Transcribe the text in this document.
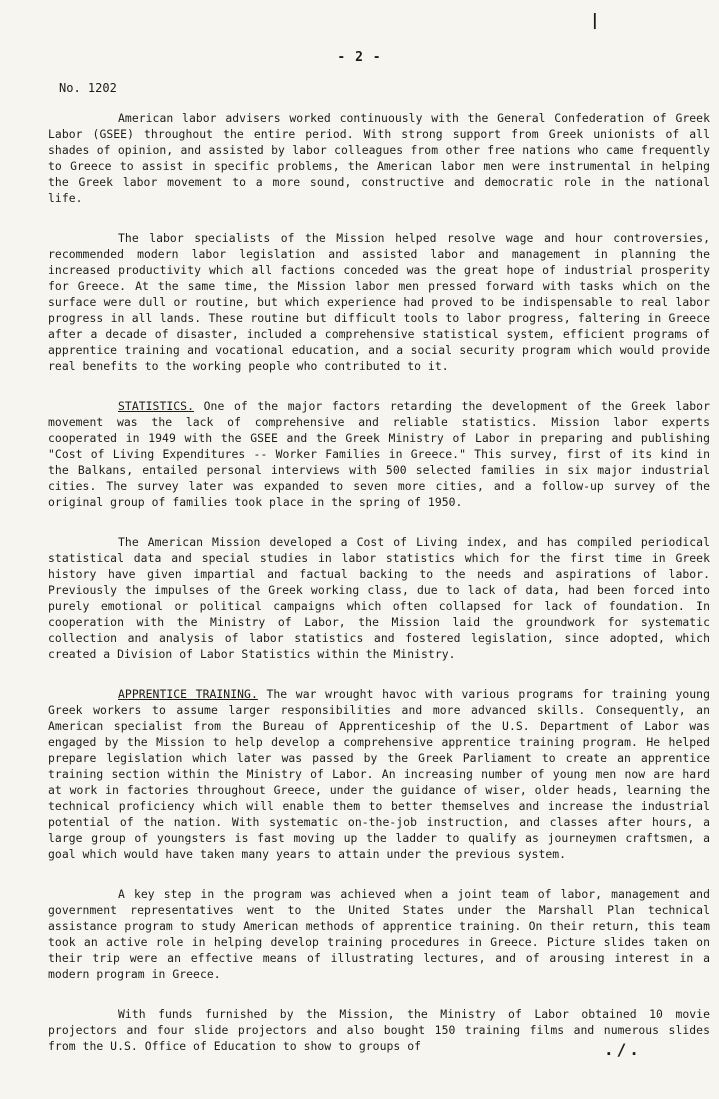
|
- 2 -
No. 1202

American labor advisers worked continuously with the General Confederation of Greek Labor (GSEE) throughout the entire period. With strong support from Greek unionists of all shades of opinion, and assisted by labor colleagues from other free nations who came frequently to Greece to assist in specific problems, the American labor men were instrumental in helping the Greek labor movement to a more sound, constructive and democratic role in the national life.

The labor specialists of the Mission helped resolve wage and hour controversies, recommended modern labor legislation and assisted labor and management in planning the increased productivity which all factions conceded was the great hope of industrial prosperity for Greece. At the same time, the Mission labor men pressed forward with tasks which on the surface were dull or routine, but which experience had proved to be indispensable to real labor progress in all lands. These routine but difficult tools to labor progress, faltering in Greece after a decade of disaster, included a comprehensive statistical system, efficient programs of apprentice training and vocational education, and a social security program which would provide real benefits to the working people who contributed to it.

STATISTICS. One of the major factors retarding the development of the Greek labor movement was the lack of comprehensive and reliable statistics. Mission labor experts cooperated in 1949 with the GSEE and the Greek Ministry of Labor in preparing and publishing "Cost of Living Expenditures -- Worker Families in Greece." This survey, first of its kind in the Balkans, entailed personal interviews with 500 selected families in six major industrial cities. The survey later was expanded to seven more cities, and a follow-up survey of the original group of families took place in the spring of 1950.

The American Mission developed a Cost of Living index, and has compiled periodical statistical data and special studies in labor statistics which for the first time in Greek history have given impartial and factual backing to the needs and aspirations of labor. Previously the impulses of the Greek working class, due to lack of data, had been forced into purely emotional or political campaigns which often collapsed for lack of foundation. In cooperation with the Ministry of Labor, the Mission laid the groundwork for systematic collection and analysis of labor statistics and fostered legislation, since adopted, which created a Division of Labor Statistics within the Ministry.

APPRENTICE TRAINING. The war wrought havoc with various programs for training young Greek workers to assume larger responsibilities and more advanced skills. Consequently, an American specialist from the Bureau of Apprenticeship of the U.S. Department of Labor was engaged by the Mission to help develop a comprehensive apprentice training program. He helped prepare legislation which later was passed by the Greek Parliament to create an apprentice training section within the Ministry of Labor. An increasing number of young men now are hard at work in factories throughout Greece, under the guidance of wiser, older heads, learning the technical proficiency which will enable them to better themselves and increase the industrial potential of the nation. With systematic on-the-job instruction, and classes after hours, a large group of youngsters is fast moving up the ladder to qualify as journeymen craftsmen, a goal which would have taken many years to attain under the previous system.

A key step in the program was achieved when a joint team of labor, management and government representatives went to the United States under the Marshall Plan technical assistance program to study American methods of apprentice training. On their return, this team took an active role in helping develop training procedures in Greece. Picture slides taken on their trip were an effective means of illustrating lectures, and of arousing interest in a modern program in Greece.

With funds furnished by the Mission, the Ministry of Labor obtained 10 movie projectors and four slide projectors and also bought 150 training films and numerous slides from the U.S. Office of Education to show to groups of	./.
